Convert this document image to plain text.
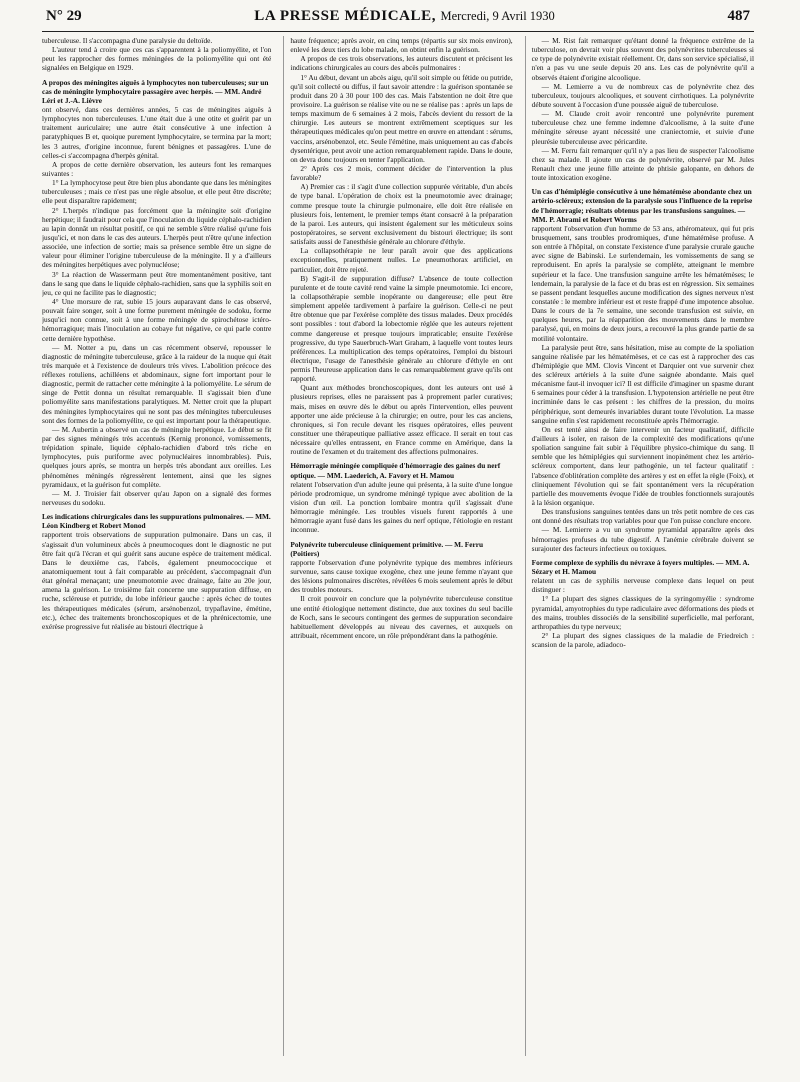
N° 29	LA PRESSE MÉDICALE, Mercredi, 9 Avril 1930	487

tuberculeuse. Il s'accompagna d'une paralysie du deltoïde.

L'auteur tend à croire que ces cas s'apparentent à la poliomyélite, et l'on peut les rapprocher des formes méningées de la poliomyélite qui ont été signalées en Belgique en 1929.

A propos des méningites aiguës à lymphocytes non tuberculeuses; sur un cas de méningite lymphocytaire passagère avec herpès. — MM. André Léri et J.-A. Lièvre

ont observé, dans ces dernières années, 5 cas de méningites aiguës à lymphocytes non tuberculeuses. L'une était due à une otite et guérit par un traitement auriculaire; une autre était consécutive à une infection à paratyphiques B et, quoique purement lymphocytaire, se termina par la mort; les 3 autres, d'origine inconnue, furent bénignes et passagères. L'une de celles-ci s'accompagna d'herpès génital.

A propos de cette dernière observation, les auteurs font les remarques suivantes :

1° La lymphocytose peut être bien plus abondante que dans les méningites tuberculeuses ; mais ce n'est pas une règle absolue, et elle peut être discrète; elle peut disparaître rapidement;

2° L'herpès n'indique pas forcément que la méningite soit d'origine herpétique; il faudrait pour cela que l'inoculation du liquide céphalo-rachidien au lapin donnât un résultat positif, ce qui ne semble s'être réalisé qu'une fois jusqu'ici, et non dans le cas des auteurs. L'herpès peut n'être qu'une infection associée, une infection de sortie; mais sa présence semble être un signe de valeur pour éliminer l'origine tuberculeuse de la méningite. Il y a d'ailleurs des méningites herpétiques avec polynucléose;

3° La réaction de Wassermann peut être momentanément positive, tant dans le sang que dans le liquide céphalo-rachidien, sans que la syphilis soit en jeu, ce qui ne facilite pas le diagnostic;

4° Une morsure de rat, subie 15 jours auparavant dans le cas observé, pouvait faire songer, soit à une forme purement méningée de sodoku, forme jusqu'ici non connue, soit à une forme méningée de spirochétose ictéro-hémorragique; mais l'inoculation au cobaye fut négative, ce qui parle contre cette dernière hypothèse.

— M. Notter a pu, dans un cas récemment observé, repousser le diagnostic de méningite tuberculeuse, grâce à la raideur de la nuque qui était très marquée et à l'existence de douleurs très vives. L'abolition précoce des réflexes rotuliens, achilléens et abdominaux, signe fort important pour le diagnostic, permit de rattacher cette méningite à la poliomyélite. Le sérum de singe de Pettit donna un résultat remarquable. Il s'agissait bien d'une poliomyélite sans manifestations paralytiques. M. Netter croit que la plupart des méningites lymphocytaires qui ne sont pas des méningites tuberculeuses sont des formes de la poliomyélite, ce qui est important pour la thérapeutique.

— M. Aubertin a observé un cas de méningite herpétique. Le début se fit par des signes méningés très accentués (Kernig prononcé, vomissements, trépidation spinale, liquide céphalo-rachidien d'abord très riche en lymphocytes, puis puriforme avec polynucléaires innombrables). Puis, quelques jours après, se montra un herpès très abondant aux oreilles. Les phénomènes méningés régressèrent lentement, ainsi que les signes pyramidaux, et la guérison fut complète.

— M. J. Troisier fait observer qu'au Japon on a signalé des formes nerveuses du sodoku.

Les indications chirurgicales dans les suppurations pulmonaires. — MM. Léon Kindberg et Robert Monod

rapportent trois observations de suppuration pulmonaire. Dans un cas, il s'agissait d'un volumineux abcès à pneumocoques dont le diagnostic ne put être fait qu'à l'écran et qui guérit sans aucune espèce de traitement médical. Dans le deuxième cas, l'abcès, également pneumococcique et anatomiquement tout à fait comparable au précédent, s'accompagnait d'un état général menaçant; une pneumotomie avec drainage, faite au 20e jour, amena la guérison. Le troisième fait concerne une suppuration diffuse, en ruche, scléreuse et putride, du lobe inférieur gauche : après échec de toutes les thérapeutiques médicales (sérum, arsénobenzol, trypaflavine, émétine, etc.), échec des traitements bronchoscopiques et de la phrénicectomie, une exérèse progressive fut réalisée au bistouri électrique à

haute fréquence; après avoir, en cinq temps (répartis sur six mois environ), enlevé les deux tiers du lobe malade, on obtint enfin la guérison.

A propos de ces trois observations, les auteurs discutent et précisent les indications chirurgicales au cours des abcès pulmonaires :

1° Au début, devant un abcès aigu, qu'il soit simple ou fétide ou putride, qu'il soit collecté ou diffus, il faut savoir attendre : la guérison spontanée se produit dans 20 à 30 pour 100 des cas. Mais l'abstention ne doit être que provisoire. La guérison se réalise vite ou ne se réalise pas : après un laps de temps maximum de 6 semaines à 2 mois, l'abcès devient du ressort de la chirurgie. Les auteurs se montrent extrêmement sceptiques sur les thérapeutiques médicales qu'on peut mettre en œuvre en attendant : sérums, vaccins, arsénobenzol, etc. Seule l'émétine, mais uniquement au cas d'abcès dysentérique, peut avoir une action remarquablement rapide. Dans le doute, on devra donc toujours en tenter l'application.

2° Après ces 2 mois, comment décider de l'intervention la plus favorable?

A) Premier cas : il s'agit d'une collection suppurée véritable, d'un abcès de type banal. L'opération de choix est la pneumotomie avec drainage; comme presque toute la chirurgie pulmonaire, elle doit être réalisée en plusieurs fois, lentement, le premier temps étant consacré à la préparation de la paroi. Les auteurs, qui insistent également sur les méticuleux soins postopératoires, se servent exclusivement du bistouri électrique; ils sont satisfaits aussi de l'anesthésie générale au chlorure d'éthyle.

La collapsothérapie ne leur paraît avoir que des applications exceptionnelles, pratiquement nulles. Le pneumothorax artificiel, en particulier, doit être rejeté.

B) S'agit-il de suppuration diffuse? L'absence de toute collection purulente et de toute cavité rend vaine la simple pneumotomie. Ici encore, la collapsothérapie semble inopérante ou dangereuse; elle peut être simplement appelée tardivement à parfaire la guérison. Celle-ci ne peut être obtenue que par l'exérèse complète des tissus malades. Deux procédés sont possibles : tout d'abord la lobectomie réglée que les auteurs rejettent comme dangereuse et presque toujours impraticable; ensuite l'exérèse progressive, du type Sauerbruch-Wart Graham, à laquelle vont toutes leurs préférences. La multiplication des temps opératoires, l'emploi du bistouri électrique, l'usage de l'anesthésie générale au chlorure d'éthyle en ont permis l'heureuse application dans le cas remarquablement grave qu'ils ont rapporté.

Quant aux méthodes bronchoscopiques, dont les auteurs ont usé à plusieurs reprises, elles ne paraissent pas à proprement parler curatives; mais, mises en œuvre dès le début ou après l'intervention, elles peuvent apporter une aide précieuse à la chirurgie; en outre, pour les cas anciens, chroniques, si l'on recule devant les risques opératoires, elles peuvent constituer une thérapeutique palliative assez efficace. Il serait en tout cas nécessaire qu'elles entrassent, en France comme en Amérique, dans la routine de l'examen et du traitement des affections pulmonaires.

Hémorragie méningée compliquée d'hémorragie des gaines du nerf optique. — MM. Laederich, A. Favory et H. Mamou

relatent l'observation d'un adulte jeune qui présenta, à la suite d'une longue période prodromique, un syndrome méningé typique avec abolition de la vision d'un œil. La ponction lombaire montra qu'il s'agissait d'une hémorragie méningée. Les troubles visuels furent rapportés à une hémorragie ayant fusé dans les gaines du nerf optique, l'étiologie en restant inconnue.

Polynévrite tuberculeuse cliniquement primitive. — M. Ferru (Poitiers)

rapporte l'observation d'une polynévrite typique des membres inférieurs survenue, sans cause toxique exogène, chez une jeune femme n'ayant que des lésions pulmonaires discrètes, révélées 6 mois seulement après le début des troubles moteurs.

Il croit pouvoir en conclure que la polynévrite tuberculeuse constitue une entité étiologique nettement distincte, due aux toxines du seul bacille de Koch, sans le secours contingent des germes de suppuration secondaire habituellement développés au niveau des cavernes, et auxquels on attribuait, récemment encore, un rôle prépondérant dans la pathogénie.

— M. Rist fait remarquer qu'étant donné la fréquence extrême de la tuberculose, on devrait voir plus souvent des polynévrites tuberculeuses si ce type de polynévrite existait réellement. Or, dans son service spécialisé, il n'en a pas vu une seule depuis 20 ans. Les cas de polynévrite qu'il a observés étaient d'origine alcoolique.

— M. Lemierre a vu de nombreux cas de polynévrite chez des tuberculeux, toujours alcooliques, et souvent cirrhotiques. La polynévrite débute souvent à l'occasion d'une poussée aiguë de tuberculose.

— M. Claude croit avoir rencontré une polynévrite purement tuberculeuse chez une femme indemne d'alcoolisme, à la suite d'une méningite séreuse ayant nécessité une craniectomie, et suivie d'une pleurésie tuberculeuse avec péricardite.

— M. Ferru fait remarquer qu'il n'y a pas lieu de suspecter l'alcoolisme chez sa malade. Il ajoute un cas de polynévrite, observé par M. Jules Renault chez une jeune fille atteinte de phtisie galopante, en dehors de toute intoxication exogène.

Un cas d'hémiplégie consécutive à une hématémèse abondante chez un artério-scléreux; extension de la paralysie sous l'influence de la reprise de l'hémorragie; résultats obtenus par les transfusions sanguines. — MM. P. Abrami et Robert Worms

rapportent l'observation d'un homme de 53 ans, athéromateux, qui fut pris brusquement, sans troubles prodromiques, d'une hématémèse profuse. A son entrée à l'hôpital, on constate l'existence d'une paralysie crurale gauche avec signe de Babinski. Le surlendemain, les vomissements de sang se reproduisent. En après la paralysie se complète, atteignant le membre supérieur et la face. Une transfusion sanguine arrête les hématémèses; le lendemain, la paralysie de la face et du bras est en régression. Six semaines se passent pendant lesquelles aucune modification des signes nerveux n'est constatée : le membre inférieur est et reste frappé d'une impotence absolue. Dans le cours de la 7e semaine, une seconde transfusion est suivie, en quelques heures, par la réapparition des mouvements dans le membre paralysé, qui, en moins de deux jours, a recouvré la plus grande partie de sa motilité volontaire.

La paralysie peut être, sans hésitation, mise au compte de la spoliation sanguine réalisée par les hématémèses, et ce cas est à rapprocher des cas d'hémiplégie que MM. Clovis Vincent et Darquier ont vue survenir chez des scléreux artériels à la suite d'une saignée abondante. Mais quel mécanisme faut-il invoquer ici? Il est difficile d'imaginer un spasme durant 6 semaines pour céder à la transfusion. L'hypotension artérielle ne peut être incriminée dans le cas présent : les chiffres de la pression, du moins périphérique, sont demeurés invariables durant toute l'évolution. La masse sanguine enfin s'est rapidement reconstituée après l'hémorragie.

On est tenté ainsi de faire intervenir un facteur qualitatif, difficile d'ailleurs à isoler, en raison de la complexité des modifications qu'une spoliation sanguine fait subir à l'équilibre physico-chimique du sang. Il semble que les hémiplégies qui surviennent inopinément chez les artério-scléreux comportent, dans leur pathogénie, un tel facteur qualitatif : l'absence d'oblitération complète des artères y est en effet la règle (Foix), et cliniquement l'évolution qui se fait spontanément vers la récupération partielle des mouvements évoque l'idée de troubles fonctionnels surajoutés à la lésion organique.

Des transfusions sanguines tentées dans un très petit nombre de ces cas ont donné des résultats trop variables pour que l'on puisse conclure encore.

— M. Lemierre a vu un syndrome pyramidal apparaître après des hémorragies profuses du tube digestif. A l'anémie cérébrale doivent se surajouter des facteurs infectieux ou toxiques.

Forme complexe de syphilis du névraxe à foyers multiples. — MM. A. Sézary et H. Mamou

relatent un cas de syphilis nerveuse complexe dans lequel on peut distinguer :

1° La plupart des signes classiques de la syringomyélie : syndrome pyramidal, amyotrophies du type radiculaire avec déformations des pieds et des mains, troubles dissociés de la sensibilité superficielle, mal perforant, arthropathies du type nerveux;

2° La plupart des signes classiques de la maladie de Friedreich : scansion de la parole, adiadoco-
